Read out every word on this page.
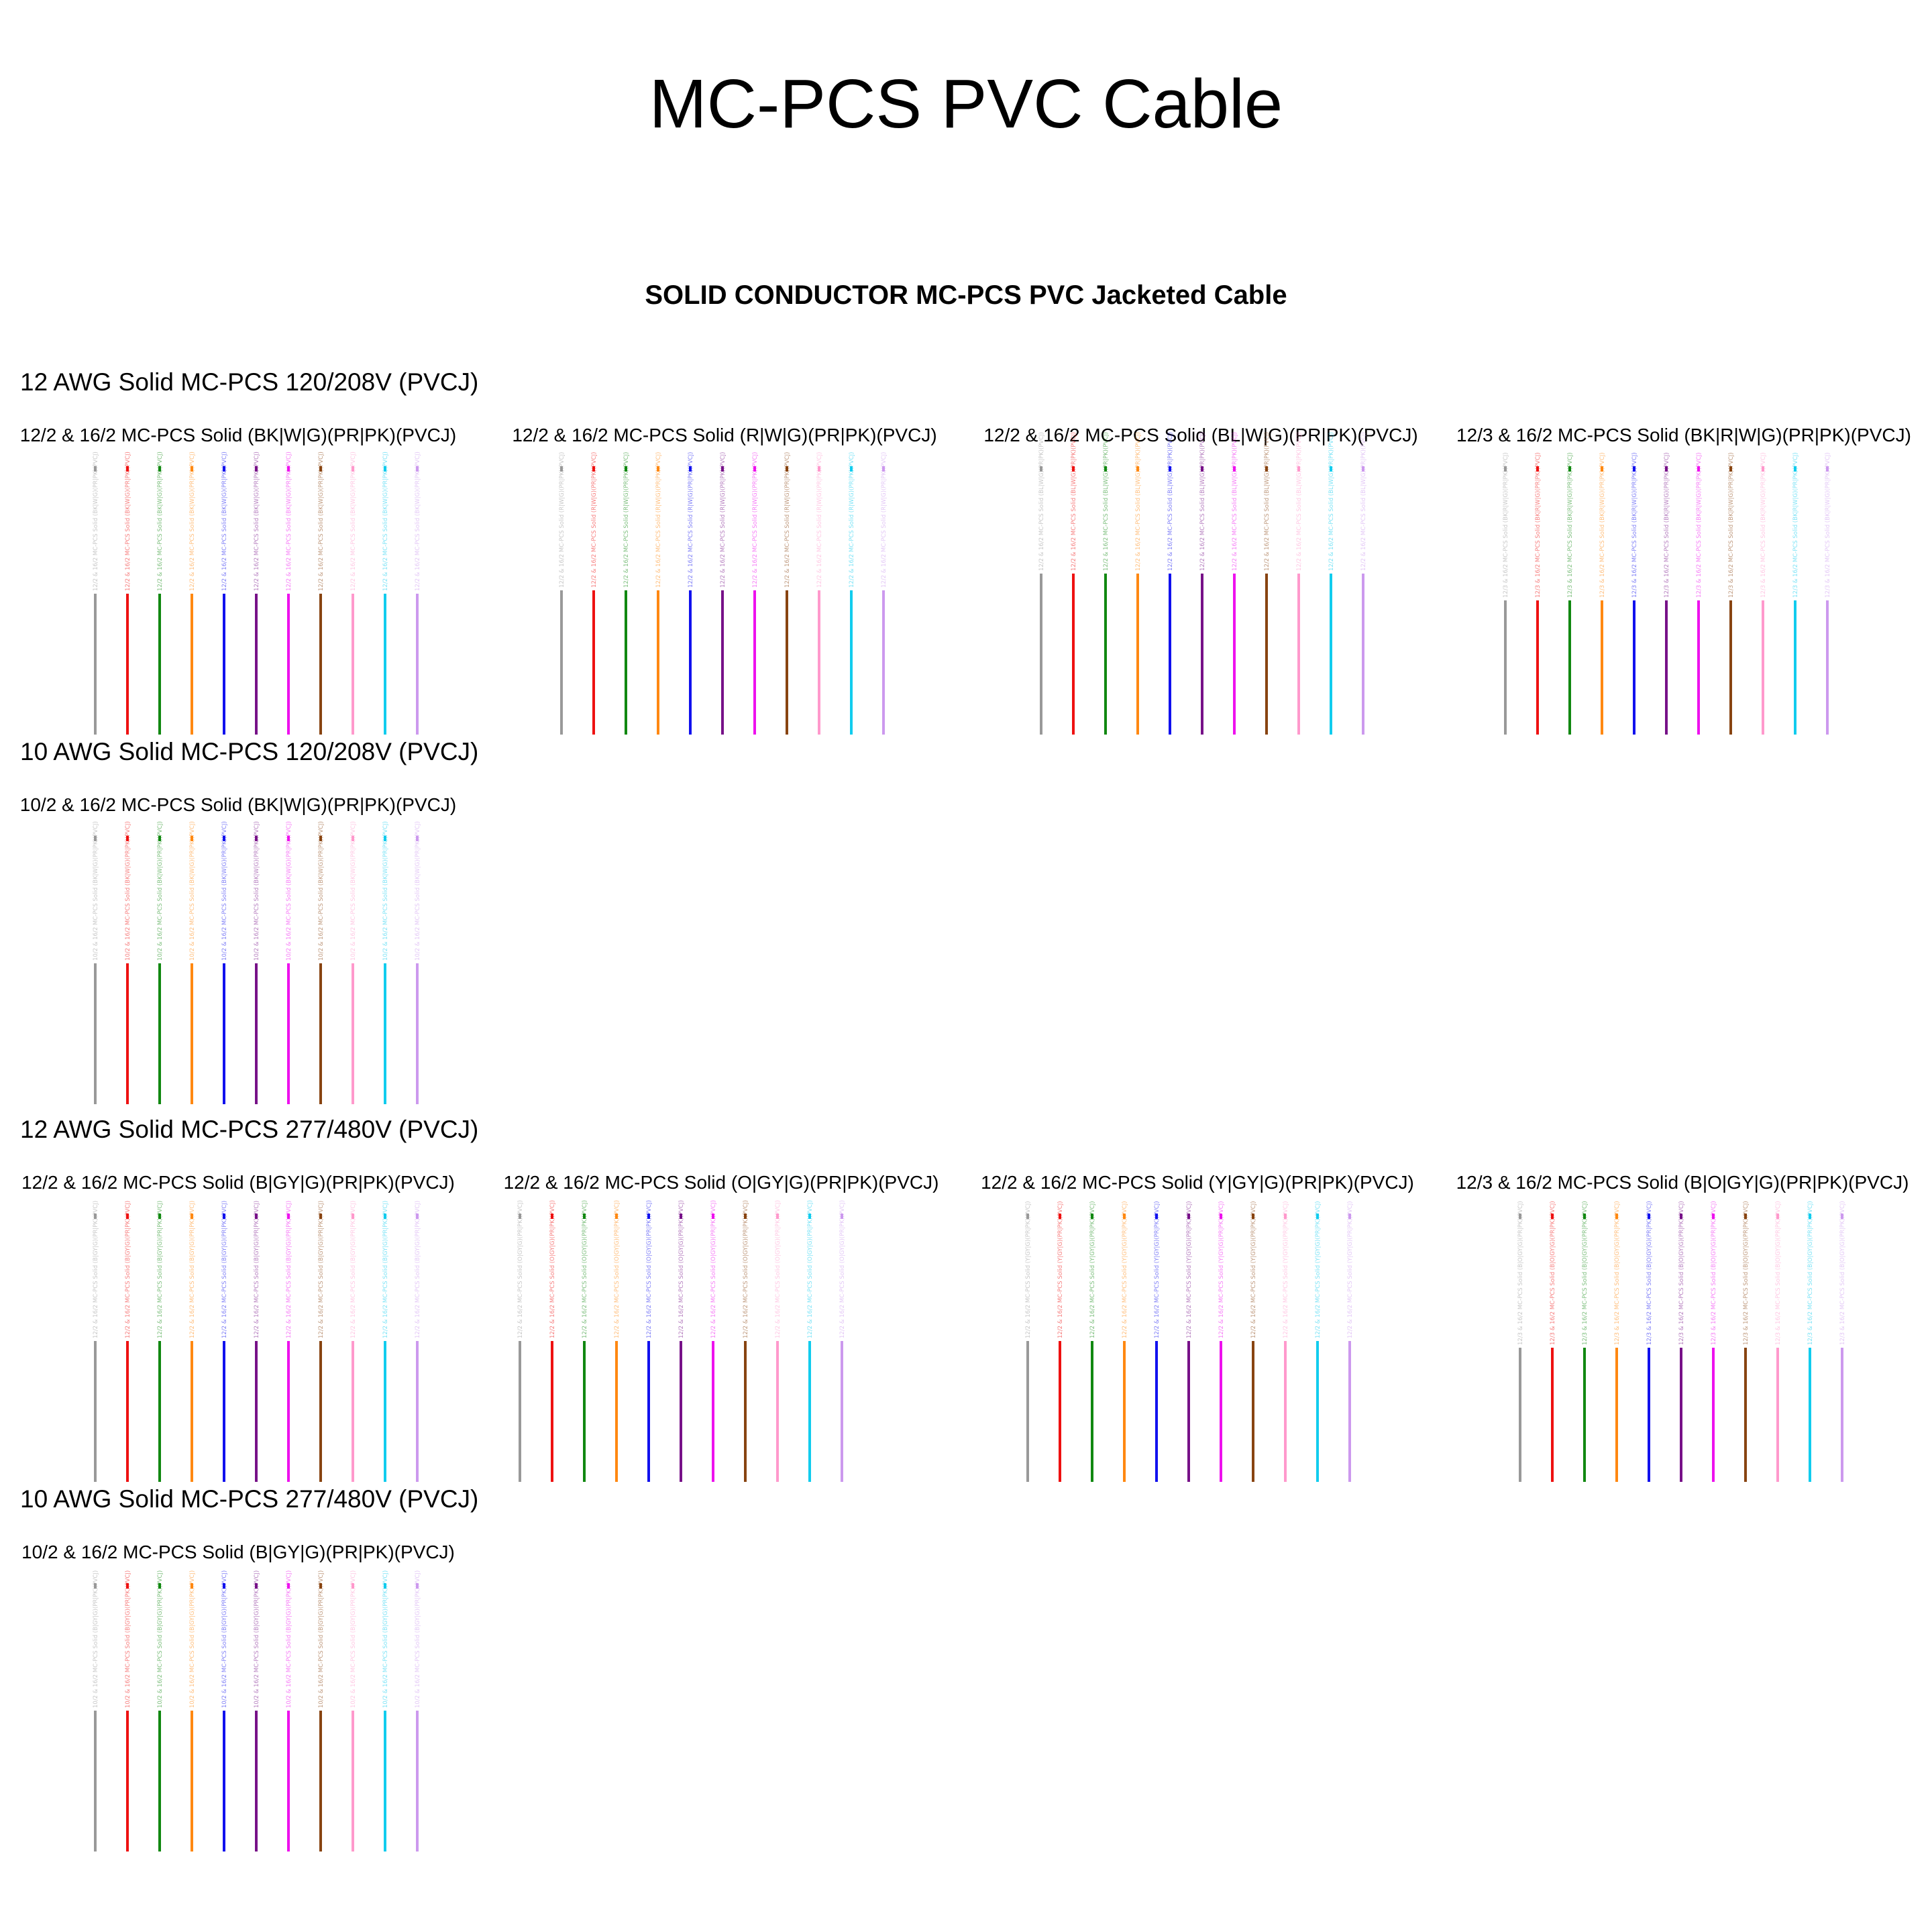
MC-PCS PVC Cable
SOLID CONDUCTOR MC-PCS PVC Jacketed Cable
12 AWG Solid MC-PCS 120/208V (PVCJ)
12/2 & 16/2 MC-PCS Solid (BK|W|G)(PR|PK)(PVCJ)	12/2 & 16/2 MC-PCS Solid (R|W|G)(PR|PK)(PVCJ)	12/2 & 16/2 MC-PCS Solid (BL|W|G)(PR|PK)(PVCJ)	12/3 & 16/2 MC-PCS Solid (BK|R|W|G)(PR|PK)(PVCJ)
12/2 & 16/2 MC-PCS Solid (BK|W|G)(PR|PK)(PVCJ)	12/2 & 16/2 MC-PCS Solid (BK|W|G)(PR|PK)(PVCJ)	12/2 & 16/2 MC-PCS Solid (BK|W|G)(PR|PK)(PVCJ)	12/2 & 16/2 MC-PCS Solid (BK|W|G)(PR|PK)(PVCJ)	12/2 & 16/2 MC-PCS Solid (BK|W|G)(PR|PK)(PVCJ)	12/2 & 16/2 MC-PCS Solid (BK|W|G)(PR|PK)(PVCJ)	12/2 & 16/2 MC-PCS Solid (BK|W|G)(PR|PK)(PVCJ)	12/2 & 16/2 MC-PCS Solid (BK|W|G)(PR|PK)(PVCJ)	12/2 & 16/2 MC-PCS Solid (BK|W|G)(PR|PK)(PVCJ)	12/2 & 16/2 MC-PCS Solid (BK|W|G)(PR|PK)(PVCJ)	12/2 & 16/2 MC-PCS Solid (BK|W|G)(PR|PK)(PVCJ)	12/2 & 16/2 MC-PCS Solid (R|W|G)(PR|PK)(PVCJ)	12/2 & 16/2 MC-PCS Solid (R|W|G)(PR|PK)(PVCJ)	12/2 & 16/2 MC-PCS Solid (R|W|G)(PR|PK)(PVCJ)	12/2 & 16/2 MC-PCS Solid (R|W|G)(PR|PK)(PVCJ)	12/2 & 16/2 MC-PCS Solid (R|W|G)(PR|PK)(PVCJ)	12/2 & 16/2 MC-PCS Solid (R|W|G)(PR|PK)(PVCJ)	12/2 & 16/2 MC-PCS Solid (R|W|G)(PR|PK)(PVCJ)	12/2 & 16/2 MC-PCS Solid (R|W|G)(PR|PK)(PVCJ)	12/2 & 16/2 MC-PCS Solid (R|W|G)(PR|PK)(PVCJ)	12/2 & 16/2 MC-PCS Solid (R|W|G)(PR|PK)(PVCJ)	12/2 & 16/2 MC-PCS Solid (R|W|G)(PR|PK)(PVCJ)	12/2 & 16/2 MC-PCS Solid (BL|W|G)(PR|PK)(PVCJ)	12/2 & 16/2 MC-PCS Solid (BL|W|G)(PR|PK)(PVCJ)	12/2 & 16/2 MC-PCS Solid (BL|W|G)(PR|PK)(PVCJ)	12/2 & 16/2 MC-PCS Solid (BL|W|G)(PR|PK)(PVCJ)	12/2 & 16/2 MC-PCS Solid (BL|W|G)(PR|PK)(PVCJ)	12/2 & 16/2 MC-PCS Solid (BL|W|G)(PR|PK)(PVCJ)	12/2 & 16/2 MC-PCS Solid (BL|W|G)(PR|PK)(PVCJ)	12/2 & 16/2 MC-PCS Solid (BL|W|G)(PR|PK)(PVCJ)	12/2 & 16/2 MC-PCS Solid (BL|W|G)(PR|PK)(PVCJ)	12/2 & 16/2 MC-PCS Solid (BL|W|G)(PR|PK)(PVCJ)	12/2 & 16/2 MC-PCS Solid (BL|W|G)(PR|PK)(PVCJ)	12/3 & 16/2 MC-PCS Solid (BK|R|W|G)(PR|PK)(PVCJ)	12/3 & 16/2 MC-PCS Solid (BK|R|W|G)(PR|PK)(PVCJ)	12/3 & 16/2 MC-PCS Solid (BK|R|W|G)(PR|PK)(PVCJ)	12/3 & 16/2 MC-PCS Solid (BK|R|W|G)(PR|PK)(PVCJ)	12/3 & 16/2 MC-PCS Solid (BK|R|W|G)(PR|PK)(PVCJ)	12/3 & 16/2 MC-PCS Solid (BK|R|W|G)(PR|PK)(PVCJ)	12/3 & 16/2 MC-PCS Solid (BK|R|W|G)(PR|PK)(PVCJ)	12/3 & 16/2 MC-PCS Solid (BK|R|W|G)(PR|PK)(PVCJ)	12/3 & 16/2 MC-PCS Solid (BK|R|W|G)(PR|PK)(PVCJ)	12/3 & 16/2 MC-PCS Solid (BK|R|W|G)(PR|PK)(PVCJ)	12/3 & 16/2 MC-PCS Solid (BK|R|W|G)(PR|PK)(PVCJ)
10 AWG Solid MC-PCS 120/208V (PVCJ)
10/2 & 16/2 MC-PCS Solid (BK|W|G)(PR|PK)(PVCJ)
10/2 & 16/2 MC-PCS Solid (BK|W|G)(PR|PK)(PVCJ)	10/2 & 16/2 MC-PCS Solid (BK|W|G)(PR|PK)(PVCJ)	10/2 & 16/2 MC-PCS Solid (BK|W|G)(PR|PK)(PVCJ)	10/2 & 16/2 MC-PCS Solid (BK|W|G)(PR|PK)(PVCJ)	10/2 & 16/2 MC-PCS Solid (BK|W|G)(PR|PK)(PVCJ)	10/2 & 16/2 MC-PCS Solid (BK|W|G)(PR|PK)(PVCJ)	10/2 & 16/2 MC-PCS Solid (BK|W|G)(PR|PK)(PVCJ)	10/2 & 16/2 MC-PCS Solid (BK|W|G)(PR|PK)(PVCJ)	10/2 & 16/2 MC-PCS Solid (BK|W|G)(PR|PK)(PVCJ)	10/2 & 16/2 MC-PCS Solid (BK|W|G)(PR|PK)(PVCJ)	10/2 & 16/2 MC-PCS Solid (BK|W|G)(PR|PK)(PVCJ)
12 AWG Solid MC-PCS 277/480V (PVCJ)
12/2 & 16/2 MC-PCS Solid (B|GY|G)(PR|PK)(PVCJ)	12/2 & 16/2 MC-PCS Solid (O|GY|G)(PR|PK)(PVCJ)	12/2 & 16/2 MC-PCS Solid (Y|GY|G)(PR|PK)(PVCJ)	12/3 & 16/2 MC-PCS Solid (B|O|GY|G)(PR|PK)(PVCJ)
12/2 & 16/2 MC-PCS Solid (B|GY|G)(PR|PK)(PVCJ)	12/2 & 16/2 MC-PCS Solid (B|GY|G)(PR|PK)(PVCJ)	12/2 & 16/2 MC-PCS Solid (B|GY|G)(PR|PK)(PVCJ)	12/2 & 16/2 MC-PCS Solid (B|GY|G)(PR|PK)(PVCJ)	12/2 & 16/2 MC-PCS Solid (B|GY|G)(PR|PK)(PVCJ)	12/2 & 16/2 MC-PCS Solid (B|GY|G)(PR|PK)(PVCJ)	12/2 & 16/2 MC-PCS Solid (B|GY|G)(PR|PK)(PVCJ)	12/2 & 16/2 MC-PCS Solid (B|GY|G)(PR|PK)(PVCJ)	12/2 & 16/2 MC-PCS Solid (B|GY|G)(PR|PK)(PVCJ)	12/2 & 16/2 MC-PCS Solid (B|GY|G)(PR|PK)(PVCJ)	12/2 & 16/2 MC-PCS Solid (B|GY|G)(PR|PK)(PVCJ)	12/2 & 16/2 MC-PCS Solid (O|GY|G)(PR|PK)(PVCJ)	12/2 & 16/2 MC-PCS Solid (O|GY|G)(PR|PK)(PVCJ)	12/2 & 16/2 MC-PCS Solid (O|GY|G)(PR|PK)(PVCJ)	12/2 & 16/2 MC-PCS Solid (O|GY|G)(PR|PK)(PVCJ)	12/2 & 16/2 MC-PCS Solid (O|GY|G)(PR|PK)(PVCJ)	12/2 & 16/2 MC-PCS Solid (O|GY|G)(PR|PK)(PVCJ)	12/2 & 16/2 MC-PCS Solid (O|GY|G)(PR|PK)(PVCJ)	12/2 & 16/2 MC-PCS Solid (O|GY|G)(PR|PK)(PVCJ)	12/2 & 16/2 MC-PCS Solid (O|GY|G)(PR|PK)(PVCJ)	12/2 & 16/2 MC-PCS Solid (O|GY|G)(PR|PK)(PVCJ)	12/2 & 16/2 MC-PCS Solid (O|GY|G)(PR|PK)(PVCJ)	12/2 & 16/2 MC-PCS Solid (Y|GY|G)(PR|PK)(PVCJ)	12/2 & 16/2 MC-PCS Solid (Y|GY|G)(PR|PK)(PVCJ)	12/2 & 16/2 MC-PCS Solid (Y|GY|G)(PR|PK)(PVCJ)	12/2 & 16/2 MC-PCS Solid (Y|GY|G)(PR|PK)(PVCJ)	12/2 & 16/2 MC-PCS Solid (Y|GY|G)(PR|PK)(PVCJ)	12/2 & 16/2 MC-PCS Solid (Y|GY|G)(PR|PK)(PVCJ)	12/2 & 16/2 MC-PCS Solid (Y|GY|G)(PR|PK)(PVCJ)	12/2 & 16/2 MC-PCS Solid (Y|GY|G)(PR|PK)(PVCJ)	12/2 & 16/2 MC-PCS Solid (Y|GY|G)(PR|PK)(PVCJ)	12/2 & 16/2 MC-PCS Solid (Y|GY|G)(PR|PK)(PVCJ)	12/2 & 16/2 MC-PCS Solid (Y|GY|G)(PR|PK)(PVCJ)	12/3 & 16/2 MC-PCS Solid (B|O|GY|G)(PR|PK)(PVCJ)	12/3 & 16/2 MC-PCS Solid (B|O|GY|G)(PR|PK)(PVCJ)	12/3 & 16/2 MC-PCS Solid (B|O|GY|G)(PR|PK)(PVCJ)	12/3 & 16/2 MC-PCS Solid (B|O|GY|G)(PR|PK)(PVCJ)	12/3 & 16/2 MC-PCS Solid (B|O|GY|G)(PR|PK)(PVCJ)	12/3 & 16/2 MC-PCS Solid (B|O|GY|G)(PR|PK)(PVCJ)	12/3 & 16/2 MC-PCS Solid (B|O|GY|G)(PR|PK)(PVCJ)	12/3 & 16/2 MC-PCS Solid (B|O|GY|G)(PR|PK)(PVCJ)	12/3 & 16/2 MC-PCS Solid (B|O|GY|G)(PR|PK)(PVCJ)	12/3 & 16/2 MC-PCS Solid (B|O|GY|G)(PR|PK)(PVCJ)	12/3 & 16/2 MC-PCS Solid (B|O|GY|G)(PR|PK)(PVCJ)
10 AWG Solid MC-PCS 277/480V (PVCJ)
10/2 & 16/2 MC-PCS Solid (B|GY|G)(PR|PK)(PVCJ)
10/2 & 16/2 MC-PCS Solid (B|GY|G)(PR|PK)(PVCJ)	10/2 & 16/2 MC-PCS Solid (B|GY|G)(PR|PK)(PVCJ)	10/2 & 16/2 MC-PCS Solid (B|GY|G)(PR|PK)(PVCJ)	10/2 & 16/2 MC-PCS Solid (B|GY|G)(PR|PK)(PVCJ)	10/2 & 16/2 MC-PCS Solid (B|GY|G)(PR|PK)(PVCJ)	10/2 & 16/2 MC-PCS Solid (B|GY|G)(PR|PK)(PVCJ)	10/2 & 16/2 MC-PCS Solid (B|GY|G)(PR|PK)(PVCJ)	10/2 & 16/2 MC-PCS Solid (B|GY|G)(PR|PK)(PVCJ)	10/2 & 16/2 MC-PCS Solid (B|GY|G)(PR|PK)(PVCJ)	10/2 & 16/2 MC-PCS Solid (B|GY|G)(PR|PK)(PVCJ)	10/2 & 16/2 MC-PCS Solid (B|GY|G)(PR|PK)(PVCJ)
